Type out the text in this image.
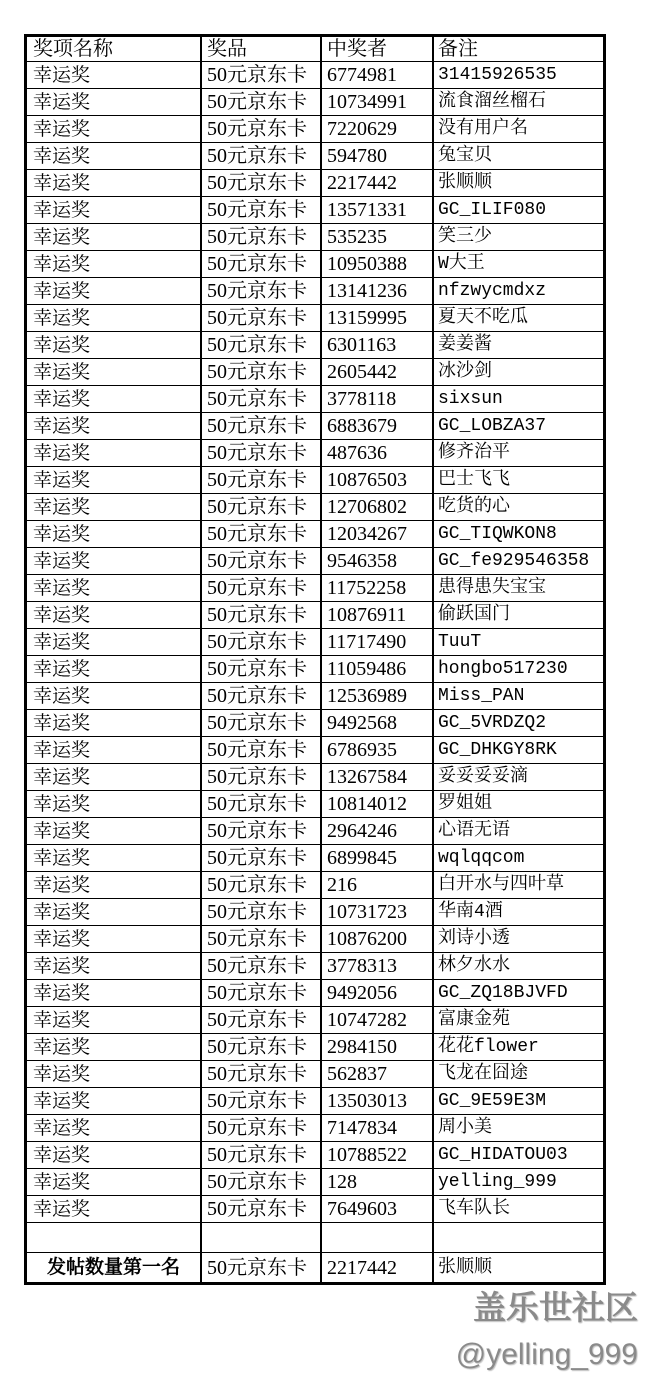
奖项名称	奖品	中奖者	备注
幸运奖	50元京东卡	6774981	31415926535
幸运奖	50元京东卡	10734991	流食溜丝榴石
幸运奖	50元京东卡	7220629	没有用户名
幸运奖	50元京东卡	594780	兔宝贝
幸运奖	50元京东卡	2217442	张顺顺
幸运奖	50元京东卡	13571331	GC_ILIF080
幸运奖	50元京东卡	535235	笑三少
幸运奖	50元京东卡	10950388	W大王
幸运奖	50元京东卡	13141236	nfzwycmdxz
幸运奖	50元京东卡	13159995	夏天不吃瓜
幸运奖	50元京东卡	6301163	姜姜酱
幸运奖	50元京东卡	2605442	冰沙剑
幸运奖	50元京东卡	3778118	sixsun
幸运奖	50元京东卡	6883679	GC_LOBZA37
幸运奖	50元京东卡	487636	修齐治平
幸运奖	50元京东卡	10876503	巴士飞飞
幸运奖	50元京东卡	12706802	吃货的心
幸运奖	50元京东卡	12034267	GC_TIQWKON8
幸运奖	50元京东卡	9546358	GC_fe929546358
幸运奖	50元京东卡	11752258	患得患失宝宝
幸运奖	50元京东卡	10876911	偷跃国门
幸运奖	50元京东卡	11717490	TuuT
幸运奖	50元京东卡	11059486	hongbo517230
幸运奖	50元京东卡	12536989	Miss_PAN
幸运奖	50元京东卡	9492568	GC_5VRDZQ2
幸运奖	50元京东卡	6786935	GC_DHKGY8RK
幸运奖	50元京东卡	13267584	妥妥妥妥滴
幸运奖	50元京东卡	10814012	罗姐姐
幸运奖	50元京东卡	2964246	心语无语
幸运奖	50元京东卡	6899845	wqlqqcom
幸运奖	50元京东卡	216	白开水与四叶草
幸运奖	50元京东卡	10731723	华南4酒
幸运奖	50元京东卡	10876200	刘诗小透
幸运奖	50元京东卡	3778313	林夕水水
幸运奖	50元京东卡	9492056	GC_ZQ18BJVFD
幸运奖	50元京东卡	10747282	富康金苑
幸运奖	50元京东卡	2984150	花花flower
幸运奖	50元京东卡	562837	飞龙在囧途
幸运奖	50元京东卡	13503013	GC_9E59E3M
幸运奖	50元京东卡	7147834	周小美
幸运奖	50元京东卡	10788522	GC_HIDATOU03
幸运奖	50元京东卡	128	yelling_999
幸运奖	50元京东卡	7649603	飞车队长
发帖数量第一名	50元京东卡	2217442	张顺顺
盖乐世社区
@yelling_999
